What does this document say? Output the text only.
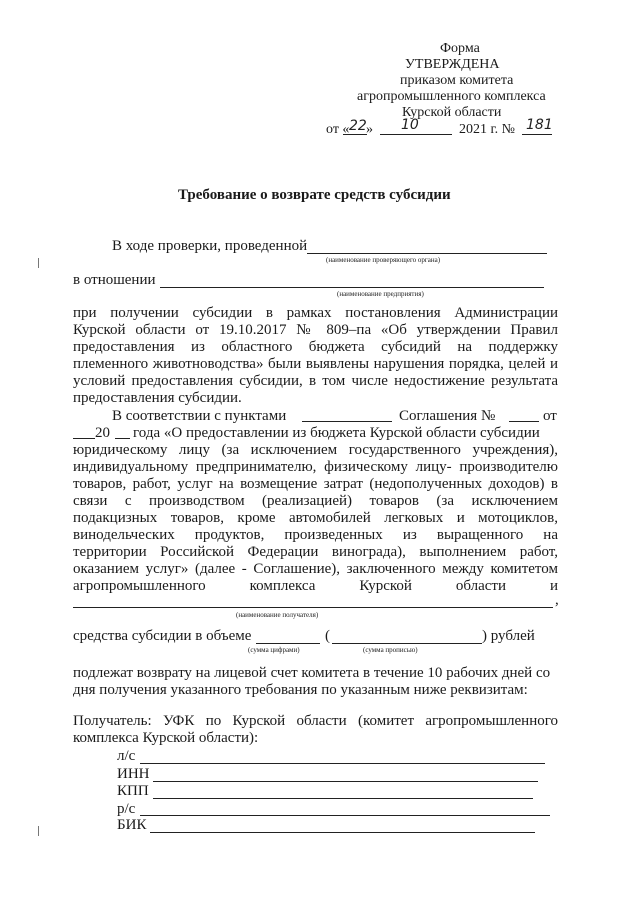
Форма
УТВЕРЖДЕНА
приказом комитета
агропромышленного комплекса
Курской области
от « 22 » 10	2021 г. № 181
Требование о возврате средств субсидии
В ходе проверки, проведенной
(наименование проверяющего органа)
в отношении
(наименование предприятия)
при получении субсидии в рамках постановления Администрации
Курской области от 19.10.2017 № 809–па «Об утверждении Правил
предоставления из областного бюджета субсидий на поддержку
племенного животноводства» были выявлены нарушения порядка, целей и
условий предоставления субсидии, в том числе недостижение результата
предоставления субсидии.
В соответствии с пунктами	Соглашения №	от
20 года «О предоставлении из бюджета Курской области субсидии
юридическому лицу (за исключением государственного учреждения),
индивидуальному предпринимателю, физическому лицу- производителю
товаров, работ, услуг на возмещение затрат (недополученных доходов) в
связи с производством (реализацией) товаров (за исключением
подакцизных товаров, кроме автомобилей легковых и мотоциклов,
винодельческих продуктов, произведенных из выращенного на
территории Российской Федерации винограда), выполнением работ,
оказанием услуг» (далее - Соглашение), заключенного между комитетом
агропромышленного комплекса Курской области и
,
(наименование получателя)
средства субсидии в объеме	(	) рублей
(сумма цифрами)	(сумма прописью)
подлежат возврату на лицевой счет комитета в течение 10 рабочих дней со
дня получения указанного требования по указанным ниже реквизитам:
Получатель: УФК по Курской области (комитет агропромышленного
комплекса Курской области):
л/с
ИНН
КПП
р/с
БИК
